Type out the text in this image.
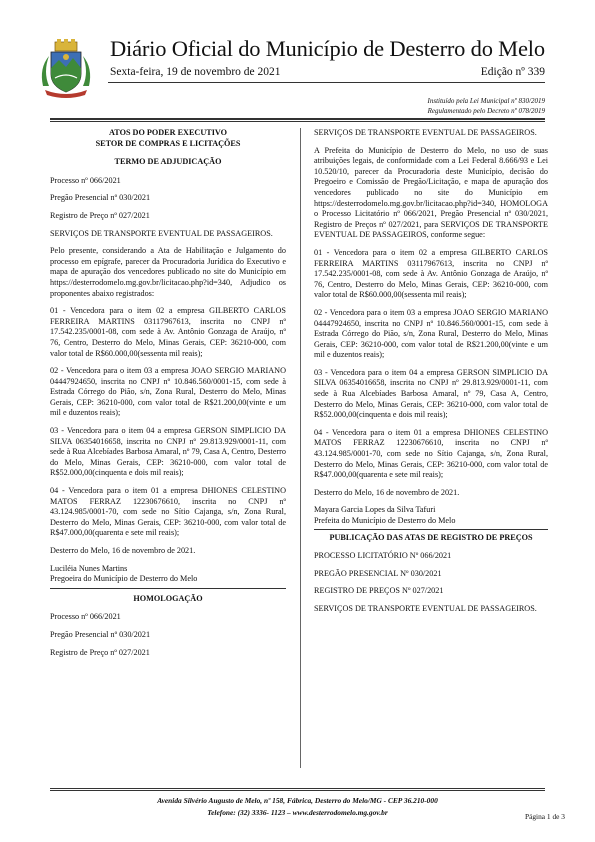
Diário Oficial do Município de Desterro do Melo
Sexta-feira, 19 de novembro de 2021	Edição nº 339
Instituído pela Lei Municipal nº 830/2019
Regulamentado pelo Decreto nº 078/2019

ATOS DO PODER EXECUTIVO

SETOR DE COMPRAS E LICITAÇÕES

TERMO DE ADJUDICAÇÃO

Processo nº 066/2021

Pregão Presencial nº 030/2021

Registro de Preço nº 027/2021

SERVIÇOS DE TRANSPORTE EVENTUAL DE PASSAGEIROS.

Pelo presente, considerando a Ata de Habilitação e Julgamento do processo em epígrafe, parecer da Procuradoria Jurídica do Executivo e mapa de apuração dos vencedores publicado no site do Município em https://desterrodomelo.mg.gov.br/licitacao.php?id=340, Adjudico os proponentes abaixo registrados:

01 - Vencedora para o item 02 a empresa GILBERTO CARLOS FERREIRA MARTINS 03117967613, inscrita no CNPJ nº 17.542.235/0001-08, com sede à Av. Antônio Gonzaga de Araújo, nº 76, Centro, Desterro do Melo, Minas Gerais, CEP: 36210-000, com valor total de R$60.000,00(sessenta mil reais);

02 - Vencedora para o item 03 a empresa JOAO SERGIO MARIANO 04447924650, inscrita no CNPJ nº 10.846.560/0001-15, com sede à Estrada Córrego do Pião, s/n, Zona Rural, Desterro do Melo, Minas Gerais, CEP: 36210-000, com valor total de R$21.200,00(vinte e um mil e duzentos reais);

03 - Vencedora para o item 04 a empresa GERSON SIMPLICIO DA SILVA 06354016658, inscrita no CNPJ nº 29.813.929/0001-11, com sede à Rua Alcebíades Barbosa Amaral, nº 79, Casa A, Centro, Desterro do Melo, Minas Gerais, CEP: 36210-000, com valor total de R$52.000,00(cinquenta e dois mil reais);

04 - Vencedora para o item 01 a empresa DHIONES CELESTINO MATOS FERRAZ 12230676610, inscrita no CNPJ nº 43.124.985/0001-70, com sede no Sítio Cajanga, s/n, Zona Rural, Desterro do Melo, Minas Gerais, CEP: 36210-000, com valor total de R$47.000,00(quarenta e sete mil reais);

Desterro do Melo, 16 de novembro de 2021.

Luciléia Nunes Martins

Pregoeira do Município de Desterro do Melo

HOMOLOGAÇÃO

Processo nº 066/2021

Pregão Presencial nº 030/2021

Registro de Preço nº 027/2021

SERVIÇOS DE TRANSPORTE EVENTUAL DE PASSAGEIROS.

A Prefeita do Município de Desterro do Melo, no uso de suas atribuições legais, de conformidade com a Lei Federal 8.666/93 e Lei 10.520/10, parecer da Procuradoria deste Município, decisão do Pregoeiro e Comissão de Pregão/Licitação, e mapa de apuração dos vencedores publicado no site do Município em https://desterrodomelo.mg.gov.br/licitacao.php?id=340, HOMOLOGA o Processo Licitatório nº 066/2021, Pregão Presencial nº 030/2021, Registro de Preços nº 027/2021, para SERVIÇOS DE TRANSPORTE EVENTUAL DE PASSAGEIROS, conforme segue:

01 - Vencedora para o item 02 a empresa GILBERTO CARLOS FERREIRA MARTINS 03117967613, inscrita no CNPJ nº 17.542.235/0001-08, com sede à Av. Antônio Gonzaga de Araújo, nº 76, Centro, Desterro do Melo, Minas Gerais, CEP: 36210-000, com valor total de R$60.000,00(sessenta mil reais);

02 - Vencedora para o item 03 a empresa JOAO SERGIO MARIANO 04447924650, inscrita no CNPJ nº 10.846.560/0001-15, com sede à Estrada Córrego do Pião, s/n, Zona Rural, Desterro do Melo, Minas Gerais, CEP: 36210-000, com valor total de R$21.200,00(vinte e um mil e duzentos reais);

03 - Vencedora para o item 04 a empresa GERSON SIMPLICIO DA SILVA 06354016658, inscrita no CNPJ nº 29.813.929/0001-11, com sede à Rua Alcebíades Barbosa Amaral, nº 79, Casa A, Centro, Desterro do Melo, Minas Gerais, CEP: 36210-000, com valor total de R$52.000,00(cinquenta e dois mil reais);

04 - Vencedora para o item 01 a empresa DHIONES CELESTINO MATOS FERRAZ 12230676610, inscrita no CNPJ nº 43.124.985/0001-70, com sede no Sítio Cajanga, s/n, Zona Rural, Desterro do Melo, Minas Gerais, CEP: 36210-000, com valor total de R$47.000,00(quarenta e sete mil reais);

Desterro do Melo, 16 de novembro de 2021.

Mayara Garcia Lopes da Silva Tafuri

Prefeita do Município de Desterro do Melo

PUBLICAÇÃO DAS ATAS DE REGISTRO DE PREÇOS

PROCESSO LICITATÓRIO Nº 066/2021

PREGÃO PRESENCIAL Nº 030/2021

REGISTRO DE PREÇOS Nº 027/2021

SERVIÇOS DE TRANSPORTE EVENTUAL DE PASSAGEIROS.

Avenida Silvério Augusto de Melo, nº 158, Fábrica, Desterro do Melo/MG - CEP 36.210-000
Telefone: (32) 3336- 1123 – www.desterrodomelo.mg.gov.br	Página 1 de 3
